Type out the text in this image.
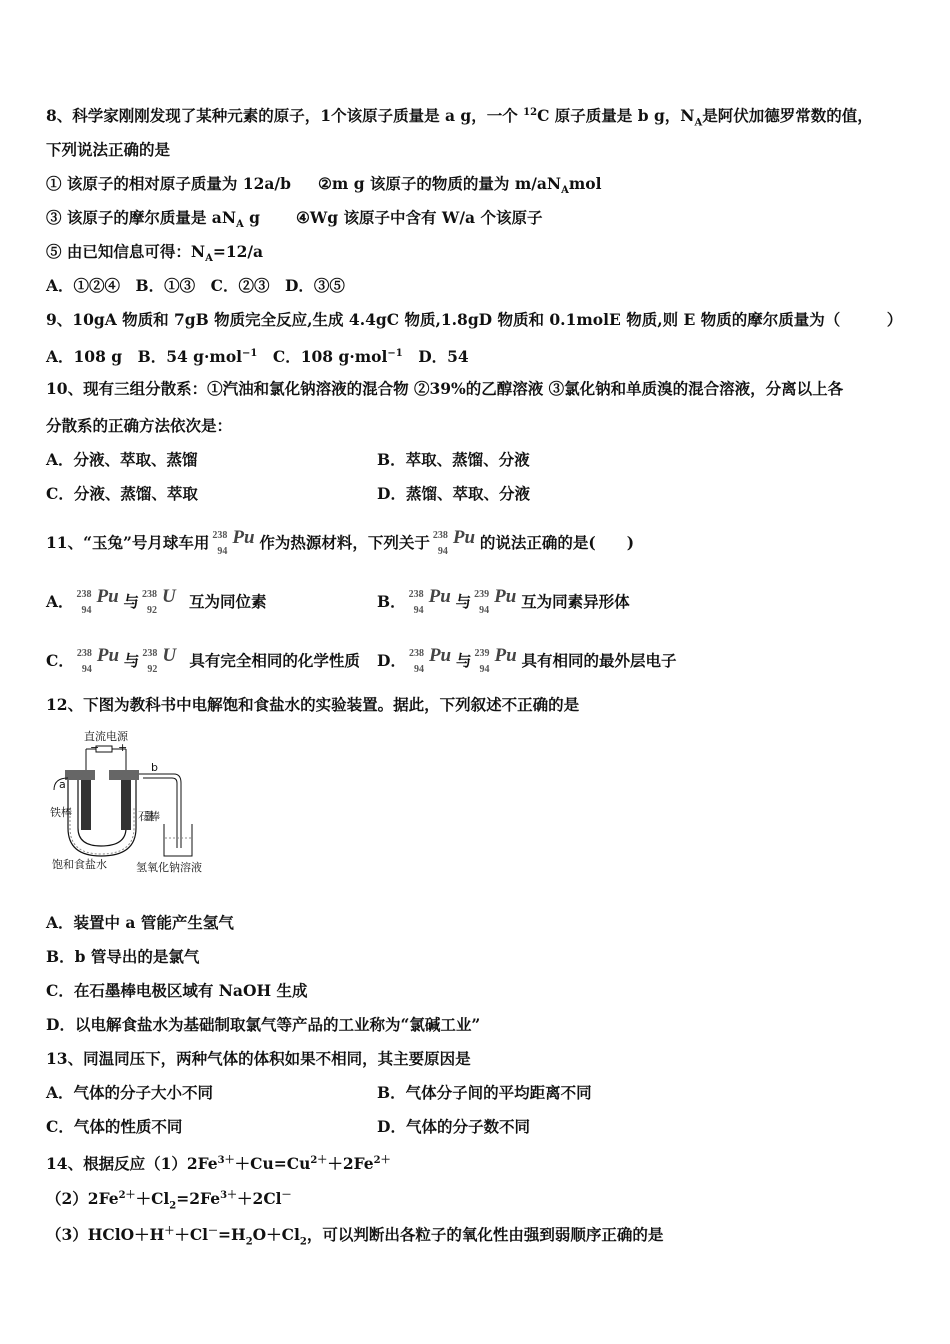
8、科学家刚刚发现了某种元素的原子，1个该原子质量是 a g，一个 $^{12}$C 原子质量是 b g，$N_A$是阿伏加德罗常数的值，
下列说法正确的是
① 该原子的相对原子质量为 12a/b ②m g 该原子的物质的量为 $m/aN_Amol$
③ 该原子的摩尔质量是 $aN_A$ g ④Wg 该原子中含有 W/a 个该原子
⑤ 由已知信息可得：$N_A=12/a$
A．①②④　B．①③　C．②③　D．③⑤
9、10gA 物质和 7gB 物质完全反应,生成 4.4gC 物质,1.8gD 物质和 0.1molE 物质,则 E 物质的摩尔质量为（　　　）
A．108 g　B．54 g·mol$^{-1}$　C．108 g·mol$^{-1}$　D．54
10、现有三组分散系：①汽油和氯化钠溶液的混合物 ②39%的乙醇溶液 ③氯化钠和单质溴的混合溶液，分离以上各
分散系的正确方法依次是：
A．分液、萃取、蒸馏	B．萃取、蒸馏、分液
C．分液、蒸馏、萃取	D．蒸馏、萃取、分液
11、“玉兔”号月球车用 238
94
Pu 作为热源材料，下列关于 238
94
Pu 的说法正确的是(　　)
A． 238
94
Pu 与 238
92
U 互为同位素	B． 238
94
Pu 与 239
94
Pu 互为同素异形体
C． 238
94
Pu 与 238
92
U 具有完全相同的化学性质 D． 238
94
Pu 与 239
94
Pu 具有相同的最外层电子
12、下图为教科书中电解饱和食盐水的实验装置。据此，下列叙述不正确的是
直流电源
− +
a
b
铁棒	石墨棒
饱和食盐水	氢氧化钠溶液
A．装置中 a 管能产生氢气
B．b 管导出的是氯气
C．在石墨棒电极区域有 NaOH 生成
D．以电解食盐水为基础制取氯气等产品的工业称为“氯碱工业”
13、同温同压下，两种气体的体积如果不相同，其主要原因是
A．气体的分子大小不同	B．气体分子间的平均距离不同
C．气体的性质不同	D．气体的分子数不同
14、根据反应$(1)2Fe^{3+}+Cu=Cu^{2+}+2Fe^{2+}$
$(2)2Fe^{2+}+Cl_2=2Fe^{3+}+2Cl^-$
$(3)HClO+H^++Cl^-=H_2O+Cl_2$，可以判断出各粒子的氧化性由强到弱顺序正确的是
